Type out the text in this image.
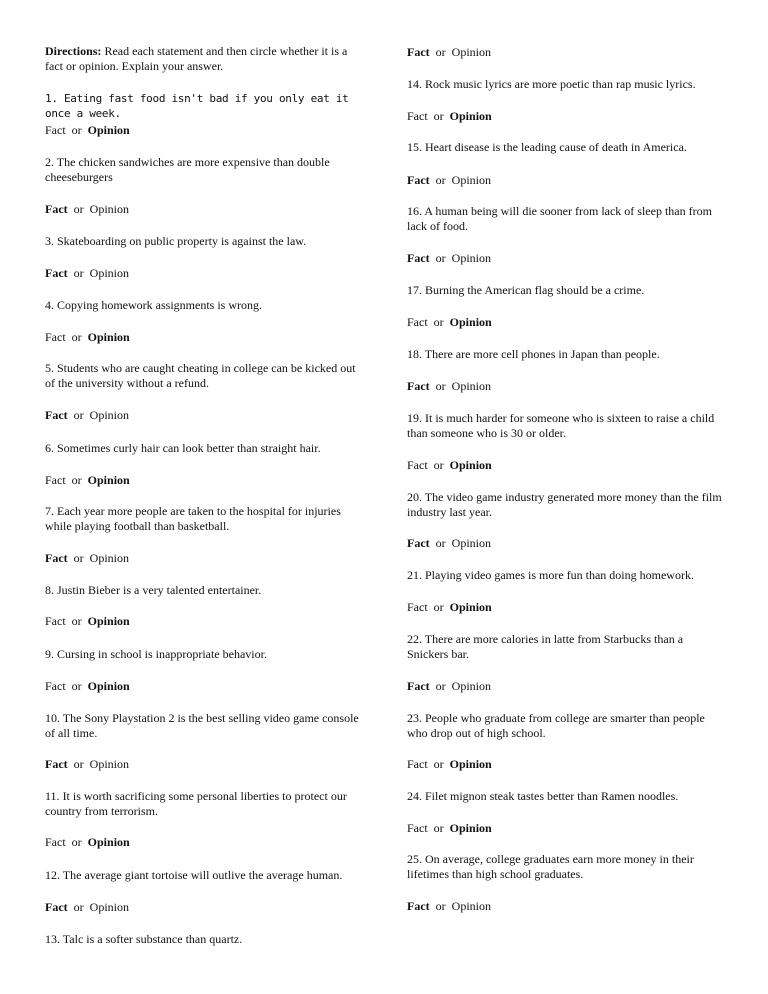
Directions: Read each statement and then circle whether it is a fact or opinion. Explain your answer.
1. Eating fast food isn't bad if you only eat it once a week.
Fact or Opinion
2. The chicken sandwiches are more expensive than double cheeseburgers
Fact or Opinion
3. Skateboarding on public property is against the law.
Fact or Opinion
4. Copying homework assignments is wrong.
Fact or Opinion
5. Students who are caught cheating in college can be kicked out of the university without a refund.
Fact or Opinion
6. Sometimes curly hair can look better than straight hair.
Fact or Opinion
7. Each year more people are taken to the hospital for injuries while playing football than basketball.
Fact or Opinion
8. Justin Bieber is a very talented entertainer.
Fact or Opinion
9. Cursing in school is inappropriate behavior.
Fact or Opinion
10. The Sony Playstation 2 is the best selling video game console of all time.
Fact or Opinion
11. It is worth sacrificing some personal liberties to protect our country from terrorism.
Fact or Opinion
12. The average giant tortoise will outlive the average human.
Fact or Opinion
13. Talc is a softer substance than quartz.
Fact or Opinion
14. Rock music lyrics are more poetic than rap music lyrics.
Fact or Opinion
15. Heart disease is the leading cause of death in America.
Fact or Opinion
16. A human being will die sooner from lack of sleep than from lack of food.
Fact or Opinion
17. Burning the American flag should be a crime.
Fact or Opinion
18. There are more cell phones in Japan than people.
Fact or Opinion
19. It is much harder for someone who is sixteen to raise a child than someone who is 30 or older.
Fact or Opinion
20. The video game industry generated more money than the film industry last year.
Fact or Opinion
21. Playing video games is more fun than doing homework.
Fact or Opinion
22. There are more calories in latte from Starbucks than a Snickers bar.
Fact or Opinion
23. People who graduate from college are smarter than people who drop out of high school.
Fact or Opinion
24. Filet mignon steak tastes better than Ramen noodles.
Fact or Opinion
25. On average, college graduates earn more money in their lifetimes than high school graduates.
Fact or Opinion
